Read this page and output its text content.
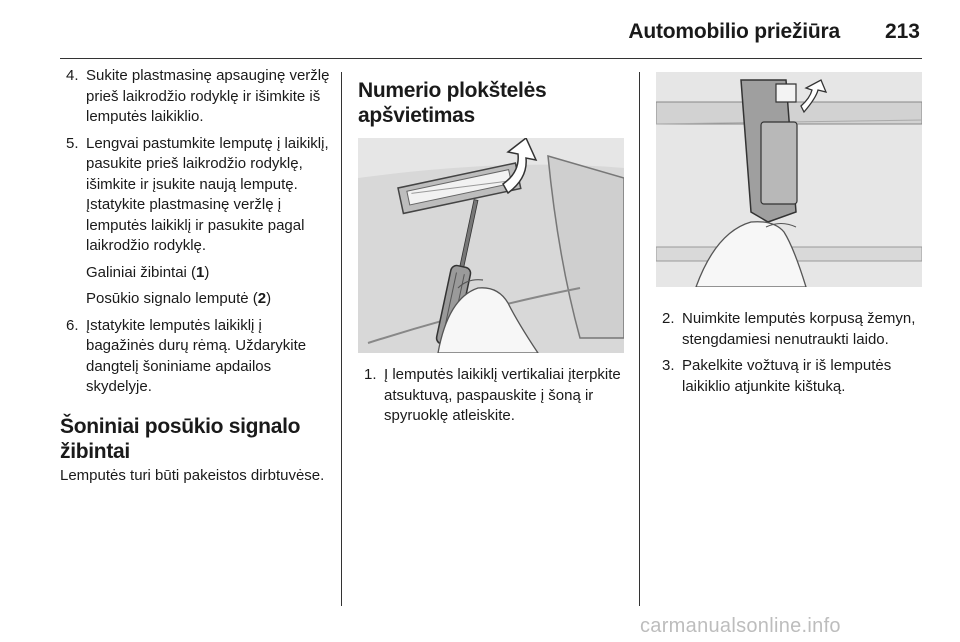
Automobilio priežiūra 213
4. Sukite plastmasinę apsauginę veržlę prieš laikrodžio rodyklę ir išimkite iš lemputės laikiklio.
5. Lengvai pastumkite lemputę į laikiklį, pasukite prieš laikrodžio rodyklę, išimkite ir įsukite naują lemputę. Įstatykite plastmasinę veržlę į lemputės laikiklį ir pasukite pagal laikrodžio rodyklę.

Galiniai žibintai (1)

Posūkio signalo lemputė (2)

6. Įstatykite lemputės laikiklį į bagažinės durų rėmą. Uždarykite dangtelį šoniniame apdailos skydelyje.
Šoniniai posūkio signalo žibintai

Lemputės turi būti pakeistos dirbtuvėse.

Numerio plokštelės apšvietimas
1. Į lemputės laikiklį vertikaliai įterpkite atsuktuvą, paspauskite į šoną ir spyruoklę atleiskite.
2. Nuimkite lemputės korpusą žemyn, stengdamiesi nenutraukti laido.
3. Pakelkite vožtuvą ir iš lemputės laikiklio atjunkite kištuką.
carmanualsonline.info
